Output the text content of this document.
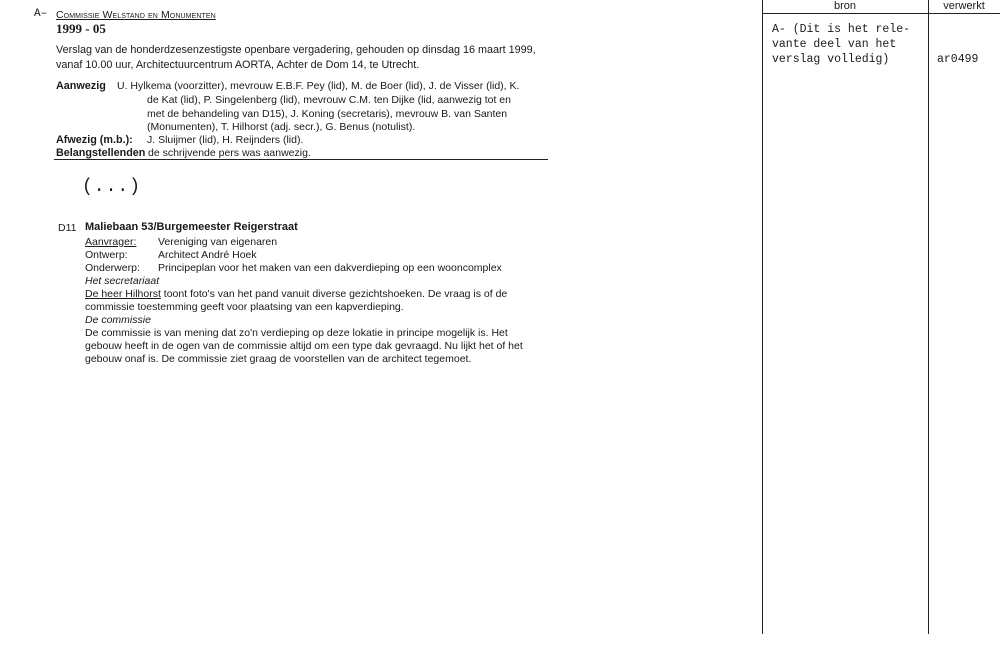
A– Commissie Welstand en Monumenten
1999 - 05
Verslag van de honderdzesenzestigste openbare vergadering, gehouden op dinsdag 16 maart 1999,
vanaf 10.00 uur, Architectuurcentrum AORTA, Achter de Dom 14, te Utrecht.
Aanwezig U. Hylkema (voorzitter), mevrouw E.B.F. Pey (lid), M. de Boer (lid), J. de Visser (lid), K.
de Kat (lid), P. Singelenberg (lid), mevrouw C.M. ten Dijke (lid, aanwezig tot en
met de behandeling van D15), J. Koning (secretaris), mevrouw B. van Santen
(Monumenten), T. Hilhorst (adj. secr.), G. Benus (notulist).
Afwezig (m.b.): J. Sluijmer (lid), H. Reijnders (lid).
Belangstellenden de schrijvende pers was aanwezig.
(...)
D11 Maliebaan 53/Burgemeester Reigerstraat
Aanvrager: Vereniging van eigenaren
Ontwerp:	Architect André Hoek
Onderwerp: Principeplan voor het maken van een dakverdieping op een wooncomplex
Het secretariaat
De heer Hilhorst toont foto's van het pand vanuit diverse gezichtshoeken. De vraag is of de
commissie toestemming geeft voor plaatsing van een kapverdieping.
De commissie
De commissie is van mening dat zo'n verdieping op deze lokatie in principe mogelijk is. Het
gebouw heeft in de ogen van de commissie altijd om een type dak gevraagd. Nu lijkt het of het
gebouw onaf is. De commissie ziet graag de voorstellen van de architect tegemoet.
bron	verwerkt
A- (Dit is het rele-
vante deel van het
verslag volledig)	ar0499
